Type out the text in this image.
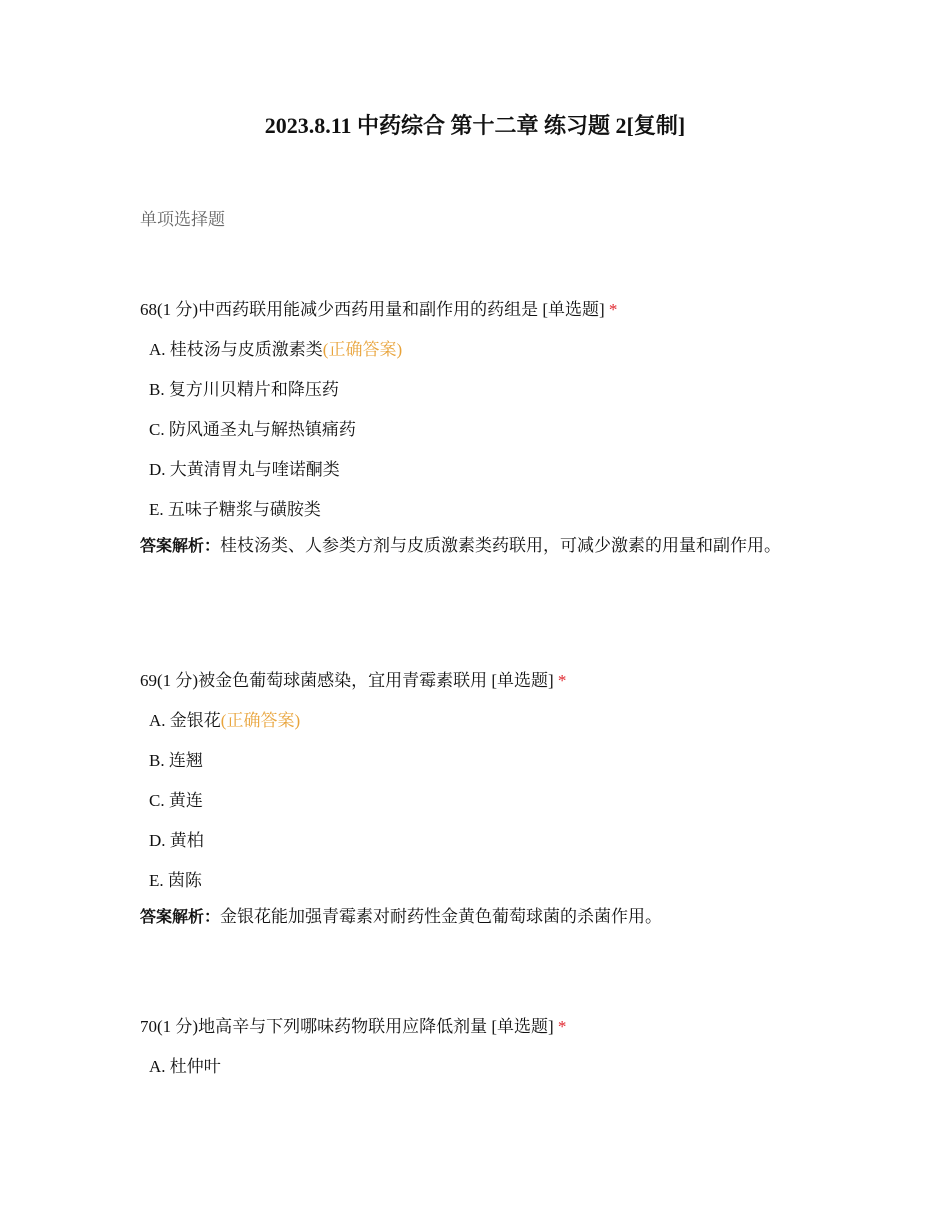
2023.8.11 中药综合 第十二章 练习题 2[复制]
单项选择题
68(1 分)中西药联用能减少西药用量和副作用的药组是 [单选题] *
A. 桂枝汤与皮质激素类(正确答案)
B. 复方川贝精片和降压药
C. 防风通圣丸与解热镇痛药
D. 大黄清胃丸与喹诺酮类
E. 五味子糖浆与磺胺类
答案解析：桂枝汤类、人参类方剂与皮质激素类药联用，可减少激素的用量和副作用。
69(1 分)被金色葡萄球菌感染，宜用青霉素联用 [单选题] *
A. 金银花(正确答案)
B. 连翘
C. 黄连
D. 黄柏
E. 茵陈
答案解析：金银花能加强青霉素对耐药性金黄色葡萄球菌的杀菌作用。
70(1 分)地高辛与下列哪味药物联用应降低剂量 [单选题] *
A. 杜仲叶
